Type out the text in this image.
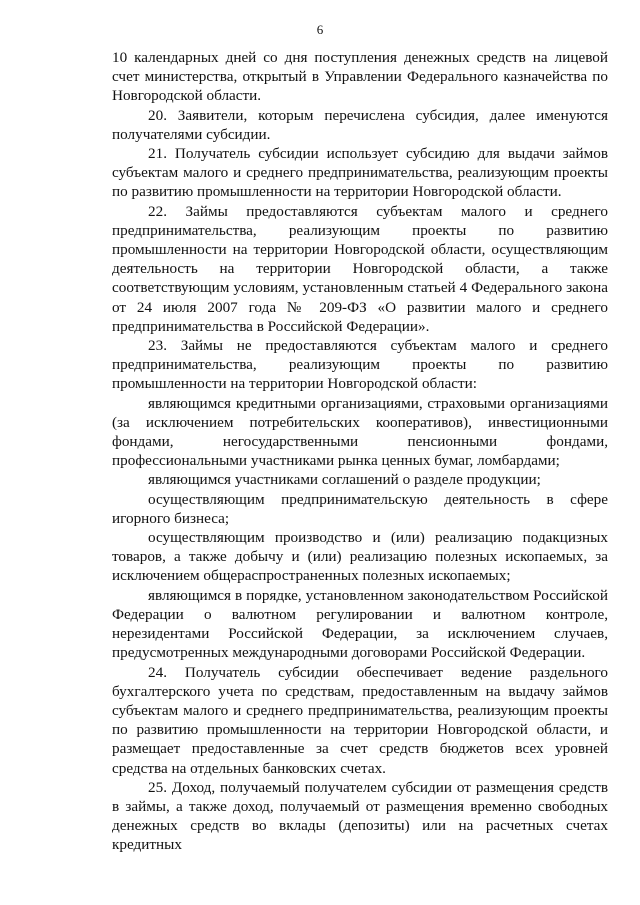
6

10 календарных дней со дня поступления денежных средств на лицевой счет министерства, открытый в Управлении Федерального казначейства по Новгородской области.

20. Заявители, которым перечислена субсидия, далее именуются получателями субсидии.

21. Получатель субсидии использует субсидию для выдачи займов субъектам малого и среднего предпринимательства, реализующим проекты по развитию промышленности на территории Новгородской области.

22. Займы предоставляются субъектам малого и среднего предпринимательства, реализующим проекты по развитию промышленности на территории Новгородской области, осуществляющим деятельность на территории Новгородской области, а также соответствующим условиям, установленным статьей 4 Федерального закона от 24 июля 2007 года № 209-ФЗ «О развитии малого и среднего предпринимательства в Российской Федерации».

23. Займы не предоставляются субъектам малого и среднего предпринимательства, реализующим проекты по развитию промышленности на территории Новгородской области:

являющимся кредитными организациями, страховыми организациями (за исключением потребительских кооперативов), инвестиционными фондами, негосударственными пенсионными фондами, профессиональными участниками рынка ценных бумаг, ломбардами;

являющимся участниками соглашений о разделе продукции;

осуществляющим предпринимательскую деятельность в сфере игорного бизнеса;

осуществляющим производство и (или) реализацию подакцизных товаров, а также добычу и (или) реализацию полезных ископаемых, за исключением общераспространенных полезных ископаемых;

являющимся в порядке, установленном законодательством Российской Федерации о валютном регулировании и валютном контроле, нерезидентами Российской Федерации, за исключением случаев, предусмотренных международными договорами Российской Федерации.

24. Получатель субсидии обеспечивает ведение раздельного бухгалтерского учета по средствам, предоставленным на выдачу займов субъектам малого и среднего предпринимательства, реализующим проекты по развитию промышленности на территории Новгородской области, и размещает предоставленные за счет средств бюджетов всех уровней средства на отдельных банковских счетах.

25. Доход, получаемый получателем субсидии от размещения средств в займы, а также доход, получаемый от размещения временно свободных денежных средств во вклады (депозиты) или на расчетных счетах кредитных
